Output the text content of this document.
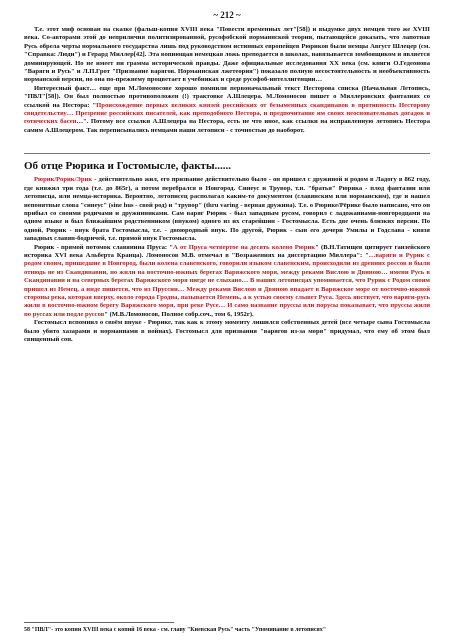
~ 212 ~

Т.е. этот миф основан на сказке (фальш-копия XVIII века "Повести временных лет"[58]) и выдумке двух немцев того же XVIII века. Со-авторами этой до неприличия политизированной, русофобской норманнской теории, пытающейся доказать, что лапотная Русь обрела черты нормального государства лишь под руководством истинных европейцев Рюриков были немцы Август Шлецер (см. "Справка: Люди") и Герард Миллер[42]. Эта вопиющая немецкая ложь преподается в школах, навязывается зомбоящиком и является доминирующей. Но не имеет ни грамма исторической правды. Даже официальные исследования XX века (см. книги О.Гедеонова "Варяги и Русь" и Л.П.Грот "Призвание варягов. Норманнская лжетеория") показало полную несостоятельность и необъективность норманской версии, но она по-прежнему процветает в учебниках и среде русофоб-интеллигенции…

Интересный факт… еще при М.Ломоносове хорошо помнили первоначальный текст Несторова списка (Начальная Летопись, "ПВЛ"[58]). Он был полностью противоположен (!) трактовке А.Шлецера. М.Ломоносов пишет о Миллеровских фантазиях со ссылкой на Нестора: "Происхождение первых великих князей российских от безыменных скандинавов в противность Несторову свидетельству… Презрение российских писателей, как преподобного Нестора, и предпочитание им своих неосновательных догадок и готических басен…". Потому все ссылки А.Шлецера на Нестора, есть не что иное, как ссылки на исправленную летопись Нестора самим А.Шлецером. Так переписывались немцами наши летописи - с точностью до наоборот.

Об отце Рюрика и Гостомысле, факты......

Рюрик/Рорик/Эрик - действительно жил, его призвание действительно было - он пришел с дружиной и родом в Ладогу в 862 году, где княжил три года (т.е. до 865г), а потом перебрался в Новгород. Синеус и Трувор, т.н. "братья" Рюрика - плод фантазии или летописца, или немца-историка. Вероятно, летописец располагал каким-то документом (славянским или норманским), где и нашел непонятные слова "синеус" (sine hus - свой род) и "трувор" (thru varing - верная дружина). Т.е. о Рюрике/Рёрике было написано, что он прибыл со своими родичами и дружинниками. Сам варяг Рюрик - был западным русом, говорил с ладожаниами-новгородцами на одном языке и был ближайшим родственником (внуком) одного из их старейшин - Гостомысла. Есть две очень близких версии. По одной, Рюрик - внук брата Гостомысла, т.е. - двоюродный внук. По другой, Рюрик - сын его дочери Умилы и Годслава - князя западных славян-бодричей, т.е. прямой внук Гостомысла.

Рюрик - прямой потомок славянина Пруса: "А от Пруса четвертое на десять колено Рюрик" (В.Н.Татищев цитирует ганзейского историка XVI века Альберта Кранца). Ломоносов М.В. отмечал в "Возражениях на диссертацию Миллера": "…варяги и Рурик с родом своим, пришедшие в Новгород, были колена славенского, говорили языком славенским, происходили из древних россов и были отнюдь не из Скандинавии, но жили на восточно-южных берегах Варяжского моря, между реками Вислою и Двиною… имени Русь в Скандинавии и на северных берегах Варяжского моря нигде не слыхано… В наших летописцах упоминается, что Рурик с Родом своим пришел из Немец, а инде пишется, что из Пруссии… Между реками Вислою и Двиною впадает в Варяжское море от восточно-южной стороны река, которая вверху, около города Гродна, называется Немень, а к устью своему слывет Руса. Здесь явствует, что варяги-русь жили в восточно-южном берегу Варяжского моря, при реке Русе… И само название пруссы или порусы показывает, что пруссы жили по руссах или подле руссов" (М.В.Ломоносов, Полное собр.соч., том 6, 1952г).

Гостомысл вспомнил о своём внуке - Рюрике, так как к этому моменту лишился собственных детей (все четыре сына Гостомысла было убито хазарами и норманнами в войнах). Гостомысл для призвания "варягов из-за моря" придумал, что ему об этом был свищенный сон.

58 "ПВЛ"- это копии XVIII века с копий 16 века - см. главу "Киевская Русь" часть "Упоминание в летописях"
